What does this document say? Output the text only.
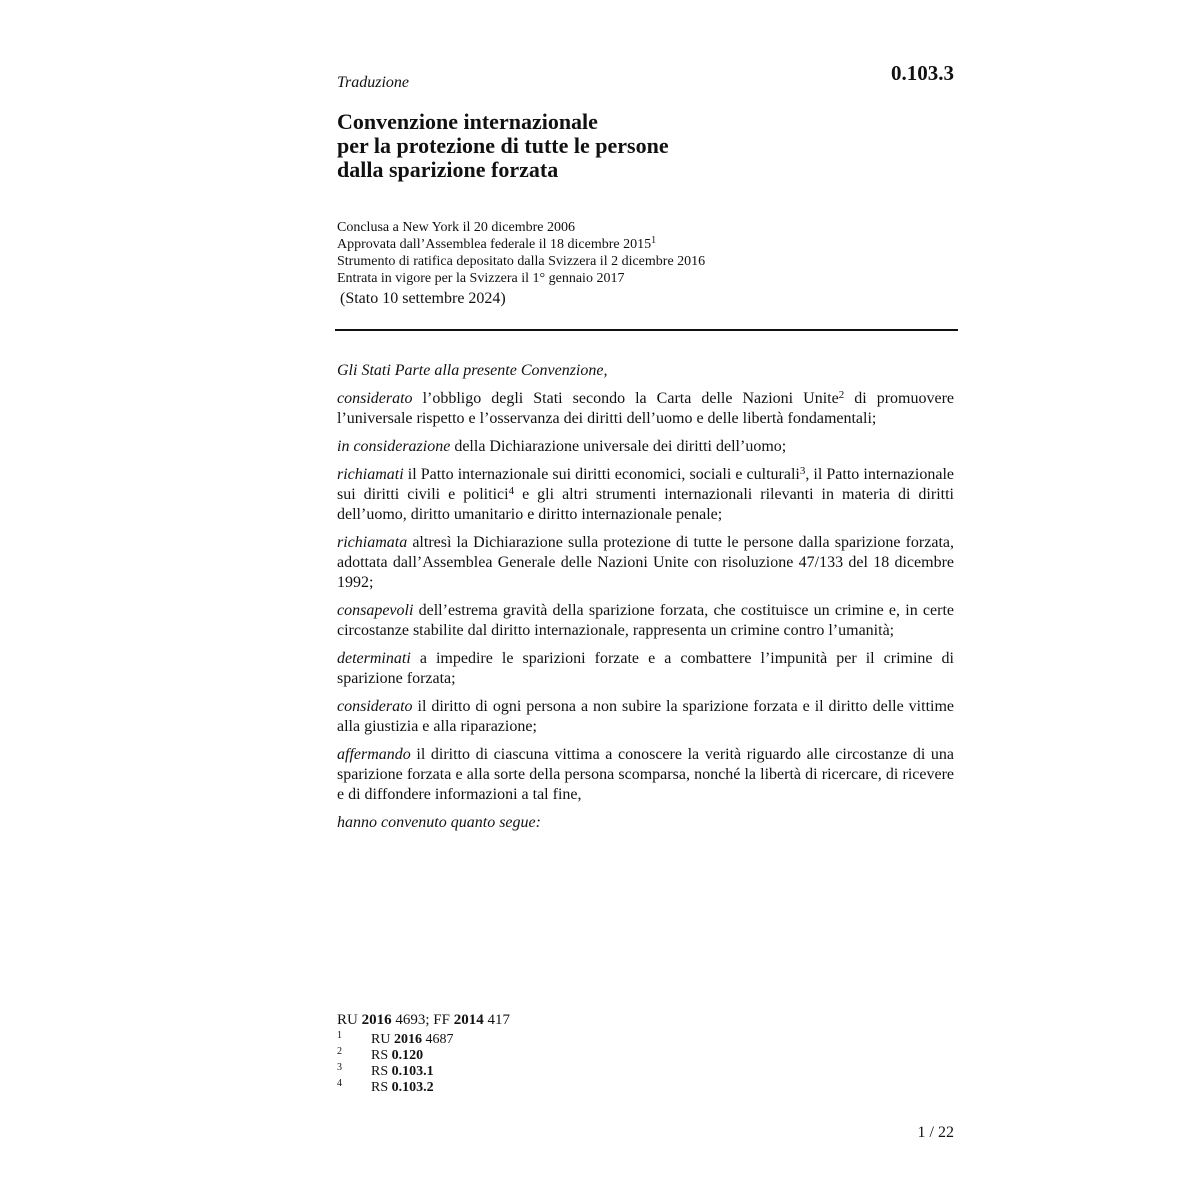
Traduzione	0.103.3
Convenzione internazionale
per la protezione di tutte le persone
dalla sparizione forzata
Conclusa a New York il 20 dicembre 2006
Approvata dall’Assemblea federale il 18 dicembre 2015$^1$
Strumento di ratifica depositato dalla Svizzera il 2 dicembre 2016
Entrata in vigore per la Svizzera il 1° gennaio 2017
(Stato 10 settembre 2024)

Gli Stati Parte alla presente Convenzione,

considerato l’obbligo degli Stati secondo la Carta delle Nazioni Unite$^2$ di promuovere l’universale rispetto e l’osservanza dei diritti dell’uomo e delle libertà fondamentali;

in considerazione della Dichiarazione universale dei diritti dell’uomo;

richiamati il Patto internazionale sui diritti economici, sociali e culturali$^3$, il Patto internazionale sui diritti civili e politici$^4$ e gli altri strumenti internazionali rilevanti in materia di diritti dell’uomo, diritto umanitario e diritto internazionale penale;

richiamata altresì la Dichiarazione sulla protezione di tutte le persone dalla sparizione forzata, adottata dall’Assemblea Generale delle Nazioni Unite con risoluzione 47/133 del 18 dicembre 1992;

consapevoli dell’estrema gravità della sparizione forzata, che costituisce un crimine e, in certe circostanze stabilite dal diritto internazionale, rappresenta un crimine contro l’umanità;

determinati a impedire le sparizioni forzate e a combattere l’impunità per il crimine di sparizione forzata;

considerato il diritto di ogni persona a non subire la sparizione forzata e il diritto delle vittime alla giustizia e alla riparazione;

affermando il diritto di ciascuna vittima a conoscere la verità riguardo alle circostanze di una sparizione forzata e alla sorte della persona scomparsa, nonché la libertà di ricercare, di ricevere e di diffondere informazioni a tal fine,

hanno convenuto quanto segue:

RU 2016 4693; FF 2014 417
1	RU 2016 4687
2	RS 0.120
3	RS 0.103.1
4	RS 0.103.2
1 / 22
